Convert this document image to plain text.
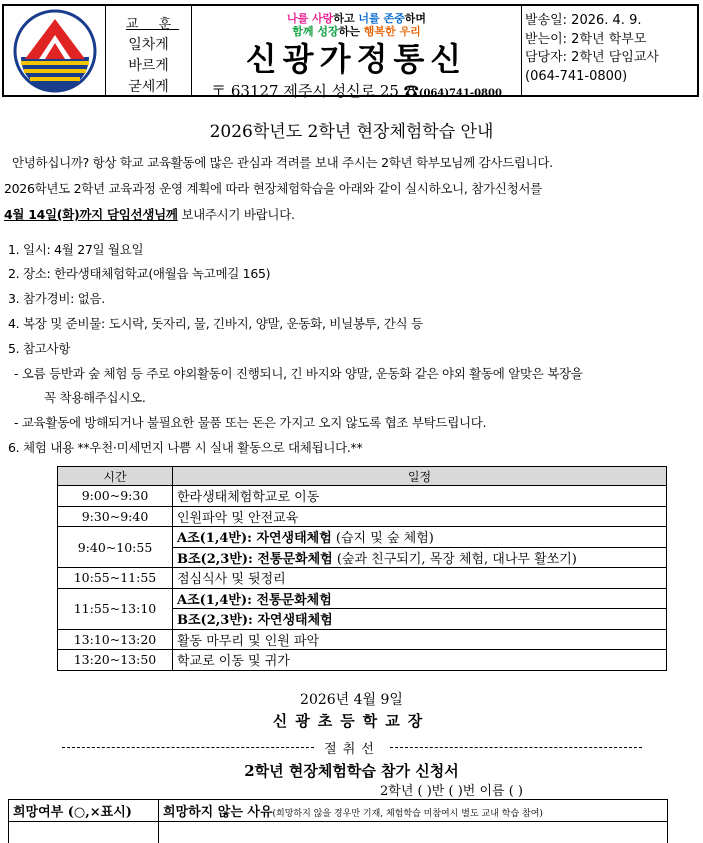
교 훈
일차게
바르게
굳세게
나를 사랑하고 너를 존중하며
함께 성장하는 행복한 우리
신광가정통신
〒 63127 제주시 성신로 25 ☎(064)741-0800
발송일: 2026. 4. 9.
받는이: 2학년 학부모
담당자: 2학년 담임교사
(064-741-0800)
2026학년도 2학년 현장체험학습 안내
안녕하십니까? 항상 학교 교육활동에 많은 관심과 격려를 보내 주시는 2학년 학부모님께 감사드립니다.
2026학년도 2학년 교육과정 운영 계획에 따라 현장체험학습을 아래와 같이 실시하오니, 참가신청서를
4월 14일(화)까지 담임선생님께 보내주시기 바랍니다.
1. 일시: 4월 27일 월요일
2. 장소: 한라생태체험학교(애월읍 녹고메길 165)
3. 참가경비: 없음.
4. 복장 및 준비물: 도시락, 돗자리, 물, 긴바지, 양말, 운동화, 비닐봉투, 간식 등
5. 참고사항
- 오름 등반과 숲 체험 등 주로 야외활동이 진행되니, 긴 바지와 양말, 운동화 같은 야외 활동에 알맞은 복장을
꼭 착용해주십시오.
- 교육활동에 방해되거나 불필요한 물품 또는 돈은 가지고 오지 않도록 협조 부탁드립니다.
6. 체험 내용 **우천·미세먼지 나쁨 시 실내 활동으로 대체됩니다.**
시간	일정
9:00~9:30	한라생태체험학교로 이동
9:30~9:40	인원파악 및 안전교육
9:40~10:55	A조(1,4반): 자연생태체험 (습지 및 숲 체험)
	B조(2,3반): 전통문화체험 (숲과 친구되기, 목장 체험, 대나무 활쏘기)
10:55~11:55	점심식사 및 뒷정리
11:55~13:10	A조(1,4반): 전통문화체험
	B조(2,3반): 자연생태체험
13:10~13:20	활동 마무리 및 인원 파악
13:20~13:50	학교로 이동 및 귀가
2026년 4월 9일
신광초등학교장
절취선
2학년 현장체험학습 참가 신청서
2학년 ( )반 ( )번 이름 ( )
희망여부 (○,×표시)	희망하지 않는 사유(희망하지 않을 경우만 기재, 체험학습 미참여시 별도 교내 학습 참여)
